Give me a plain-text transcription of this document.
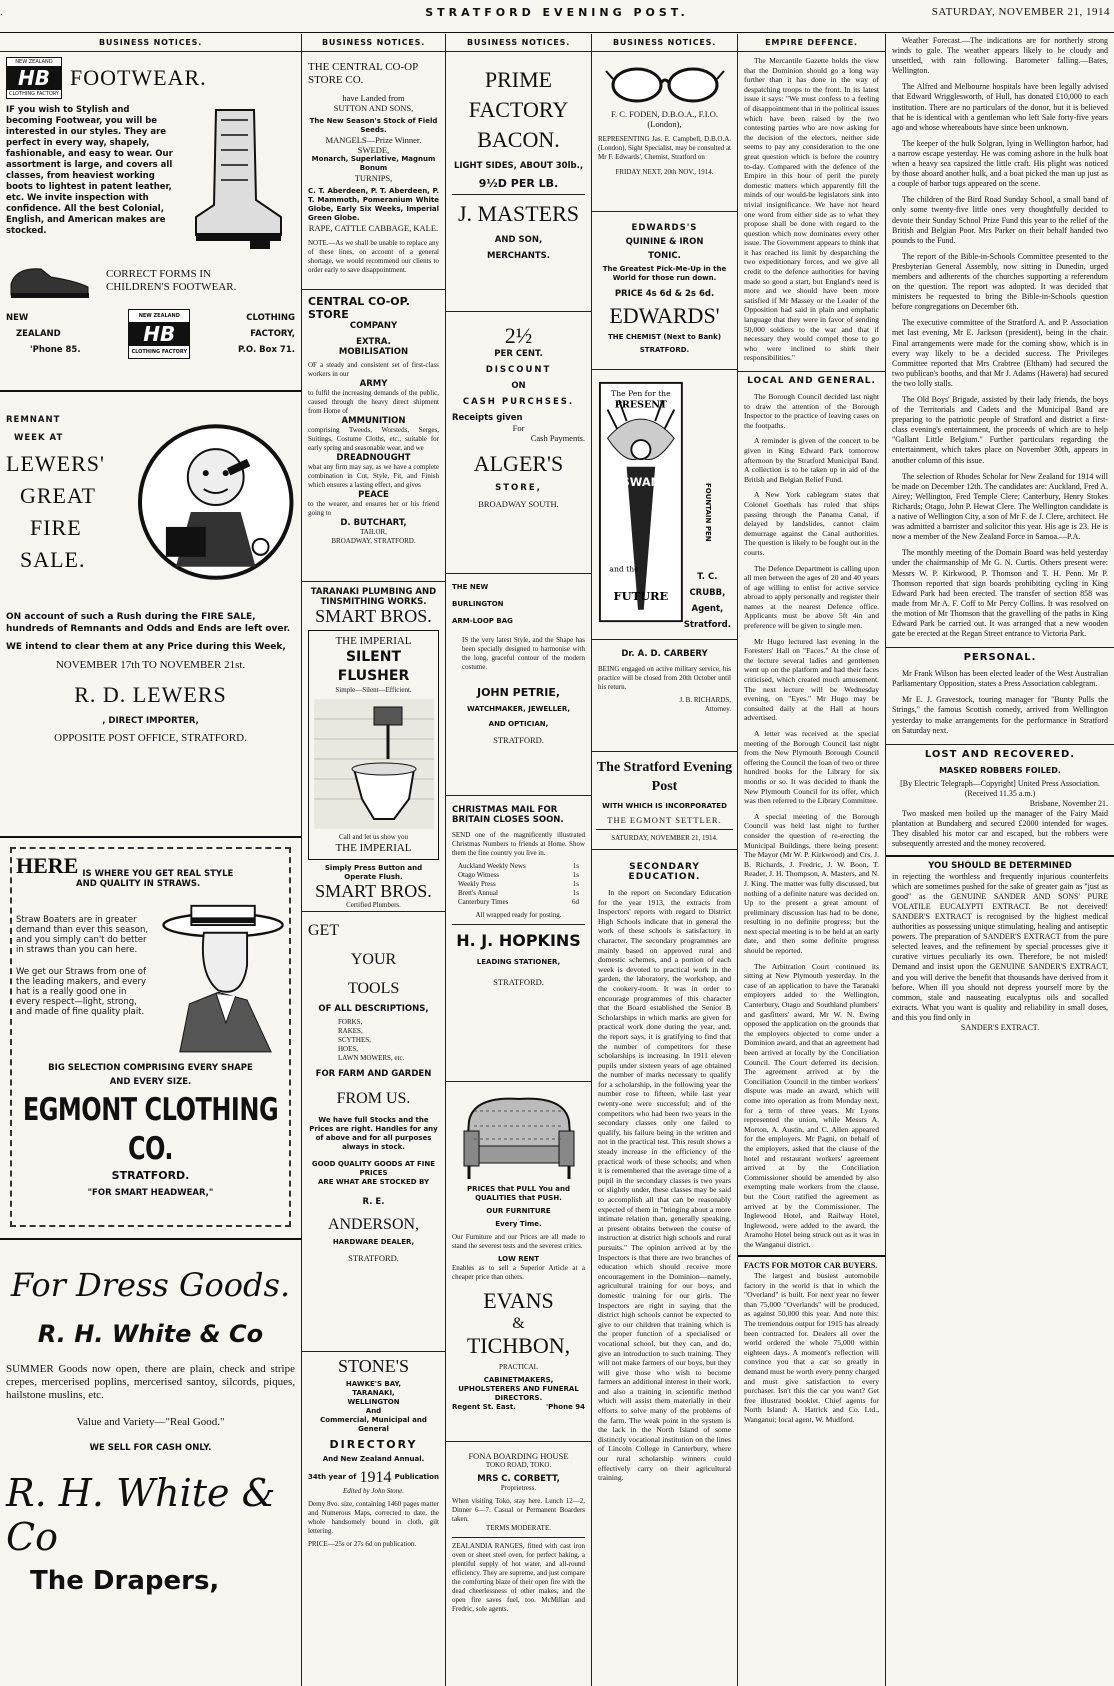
.	STRATFORD EVENING POST.	SATURDAY, NOVEMBER 21, 1914
BUSINESS NOTICES.
NEW ZEALAND
HB
CLOTHING FACTORY
FOOTWEAR.
IF you wish to Stylish and becoming Footwear, you will be interested in our styles. They are perfect in every way, shapely, fashionable, and easy to wear. Our assortment is large, and covers all classes, from heaviest working boots to lightest in patent leather, etc. We invite inspection with confidence. All the best Colonial, English, and American makes are stocked.
CORRECT FORMS IN
CHILDREN'S FOOTWEAR.
NEW
ZEALAND
'Phone 85.
NEW ZEALAND
HB
CLOTHING FACTORY
CLOTHING
FACTORY,
P.O. Box 71.
REMNANT
WEEK AT
LEWERS'
GREAT
FIRE
SALE.
ON account of such a Rush during the FIRE SALE, hundreds of Remnants and Odds and Ends are left over.
WE intend to clear them at any Price during this Week,
NOVEMBER 17th TO NOVEMBER 21st.
R. D. LEWERS
, DIRECT IMPORTER,
OPPOSITE POST OFFICE, STRATFORD.
HERE IS WHERE YOU GET REAL STYLE
AND QUALITY IN STRAWS.
Straw Boaters are in greater demand than ever this season, and you simply can't do better in straws than you can here.
We get our Straws from one of the leading makers, and every hat is a really good one in every respect—light, strong, and made of fine quality plait.
BIG SELECTION COMPRISING EVERY SHAPE
AND EVERY SIZE.
EGMONT CLOTHING CO.
STRATFORD.
"FOR SMART HEADWEAR,"
For Dress Goods.
R. H. White & Co
SUMMER Goods now open, there are plain, check and stripe crepes, mercerised poplins, mercerised santoy, silcords, piques, hailstone muslins, etc.
Value and Variety—"Real Good."
WE SELL FOR CASH ONLY.
R. H. White & Co
The Drapers,
BUSINESS NOTICES.
THE CENTRAL CO-OP STORE CO.
have Landed from
SUTTON AND SONS,
The New Season's Stock of Field Seeds.
MANGELS—Prize Winner.
SWEDE,
Monarch, Superlative, Magnum Bonum
TURNIPS,
C. T. Aberdeen, P. T. Aberdeen, P. T. Mammoth, Pomeranium White Globe, Early Six Weeks, Imperial Green Globe.
RAPE, CATTLE CABBAGE, KALE.
NOTE.—As we shall be unable to replace any of these lines, on account of a general shortage, we would recommend our clients to order early to save disappointment.
CENTRAL CO-OP. STORE
COMPANY
EXTRA.
MOBILISATION
OF a steady and consistent set of first-class workers in our
ARMY
to fulfil the increasing demands of the public, caused through the heavy direct shipment from Home of
AMMUNITION
comprising Tweeds, Worsteds, Serges, Suitings, Costume Cloths, etc., suitable for early spring and seasonable wear, and we
DREADNOUGHT
what any firm may say, as we have a complete combination in Cut, Style, Fit, and Finish which ensures a lasting effect, and gives
PEACE
to the wearer, and ensures her or his friend going to
D. BUTCHART,
TAILOR,
BROADWAY, STRATFORD.
TARANAKI PLUMBING AND TINSMITHING WORKS.
SMART BROS.
THE IMPERIAL
SILENT FLUSHER
Simple—Silent—Efficient.
Call and let us show you
THE IMPERIAL
Simply Press Button and Operate Flush.
SMART BROS.
Certified Plumbers.
GET
YOUR
TOOLS
OF ALL DESCRIPTIONS,
FORKS,
RAKES,
SCYTHES,
HOES,
LAWN MOWERS, etc.
FOR FARM AND GARDEN
FROM US.
We have full Stocks and the Prices are right. Handles for any of above and for all purposes always in stock.
GOOD QUALITY GOODS AT FINE PRICES
ARE WHAT ARE STOCKED BY
R. E.
ANDERSON,
HARDWARE DEALER,
STRATFORD.
STONE'S
HAWKE'S BAY,
TARANAKI,
WELLINGTON
And
Commercial, Municipal and General
DIRECTORY
And New Zealand Annual.
34th year of 1914 Publication
Edited by John Stone.
Demy 8vo. size, containing 1460 pages matter and Numerous Maps, corrected to date, the whole handsomely bound in cloth, gilt lettering.
PRICE—25s or 27s 6d on publication.
BUSINESS NOTICES.
PRIME
FACTORY
BACON.
LIGHT SIDES, ABOUT 30lb.,
9½D PER LB.
J. MASTERS
AND SON,
MERCHANTS.
2½
PER CENT.
DISCOUNT
ON
CASH PURCHSES.
Receipts given
For
Cash Payments.
ALGER'S
STORE,
BROADWAY SOUTH.
THE NEW
BURLINGTON
ARM-LOOP BAG
IS the very latest Style, and the Shape has been specially designed to harmonise with the long, graceful contour of the modern costume.
JOHN PETRIE,
WATCHMAKER, JEWELLER,
AND OPTICIAN,
STRATFORD.
CHRISTMAS MAIL FOR BRITAIN CLOSES SOON.
SEND one of the magnificently illustrated Christmas Numbers to friends at Home. Show them the fine country you live in.
Auckland Weekly News	1s
Otago Witness	1s
Weekly Press	1s
Brett's Annual	1s
Canterbury Times	6d
All wrapped ready for posting.
H. J. HOPKINS
LEADING STATIONER,
STRATFORD.
PRICES that PULL You and QUALITIES that PUSH.
OUR FURNITURE
Every Time.
Our Furniture and our Prices are all made to stand the severest tests and the severest critics.
LOW RENT
Enables as to sell a Superior Article at a cheaper price than others.
EVANS
&
TICHBON,
PRACTICAL
CABINETMAKERS, UPHOLSTERERS AND FUNERAL DIRECTORS.
Regent St. East.	'Phone 94
FONA BOARDING HOUSE
TOKO ROAD, TOKO.
MRS C. CORBETT,
Proprietress.
When visiting Toko, stay here. Lunch 12—2, Dinner 6—7. Casual or Permanent Boarders taken.
TERMS MODERATE.
ZEALANDIA RANGES, fitted with cast iron oven or sheet steel oven, for perfect baking, a plentiful supply of hot water, and all-round efficiency. They are supreme, and just compare the comforting blaze of their open fire with the dead cheerlessness of other makes, and the open fire saves fuel, too. McMillan and Fredric, sole agents.
BUSINESS NOTICES.
F. C. FODEN, D.B.O.A., F.I.O.
(London),
REPRESENTING Jas. E. Campbell, D.B.O.A. (London), Sight Specialist, may be consulted at Mr F. Edwards', Chemist, Stratford on
FRIDAY NEXT, 20th NOV., 1914.
EDWARDS'S
QUININE & IRON
TONIC.
The Greatest Pick-Me-Up in the World for those run down.
PRICE 4s 6d & 2s 6d.
EDWARDS'
THE CHEMIST (Next to Bank)
STRATFORD.
The Pen for the
PRESENT
SWAN
and the
FUTURE
FOUNTAIN PEN
T. C.
CRUBB,
Agent,
Stratford.
Dr. A. D. CARBERY
BEING engaged on active military service, his practice will be closed from 20th October until his return.
J. B. RICHARDS,
Attorney.
The Stratford Evening Post
WITH WHICH IS INCORPORATED
THE EGMONT SETTLER.
SATURDAY, NOVEMBER 21, 1914.
SECONDARY EDUCATION.

In the report on Secondary Education for the year 1913, the extracts from Inspectors' reports with regard to District High Schools indicate that in general the work of these schools is satisfactory in character. The secondary programmes are mainly based on approved rural and domestic schemes, and a portion of each week is devoted to practical work in the garden, the laboratory, the workshop, and the cookery-room. It was in order to encourage programmes of this character that the Board established the Senior B Scholarships in which marks are given for practical work done during the year, and, the report says, it is gratifying to find that the number of competitors for these scholarships is increasing. In 1911 eleven pupils under sixteen years of age obtained the number of marks necessary to qualify for a scholarship, in the following year the number rose to fifteen, while last year twenty-one were successful; and of the competitors who had been two years in the secondary classes only one failed to qualify, his failure being in the written and not in the practical test. This result shows a steady increase in the efficiency of the practical work of these schools; and when it is remembered that the average time of a pupil in the secondary classes is two years or slightly under, these classes may be said to accomplish all that can be reasonably expected of them in "bringing about a more intimate relation than, generally speaking, at present obtains between the course of instruction at district high schools and rural pursuits." The opinion arrived at by the Inspectors is that there are two branches of education which should receive more encouragement in the Dominion—namely, agricultural training for our boys, and domestic training for our girls. The Inspectors are right in saying that the district high schools cannot be expected to give to our children that training which is the proper function of a specialised or vocational school, but they can, and do, give an introduction to such training. They will not make farmers of our boys, but they will give those who wish to become farmers an additional interest in their work, and also a training in scientific method which will assist them materially in their efforts to solve many of the problems of the farm. The weak point in the system is the lack in the North Island of some distinctly vocational institution on the lines of Lincoln College in Canterbury, where our rural scholarship winners could effectively carry on their agricultural training.

EMPIRE DEFENCE.

The Mercantile Gazette holds the view that the Dominion should go a long way further than it has done in the way of despatching troops to the front. In its latest issue it says: "We must confess to a feeling of disappointment that in the political issues which have been raised by the two contesting parties who are now asking for the decision of the electors, neither side seems to pay any consideration to the one great question which is before the country to-day. Compared with the defence of the Empire in this hour of peril the purely domestic matters which apparently fill the minds of our would-be legislators sink into trivial insignificance. We have not heard one word from either side as to what they propose shall be done with regard to the question which now dominates every other issue. The Government appears to think that it has reached its limit by despatching the two expeditionary forces, and we give all credit to the defence authorities for having made so good a start, but England's need is more and we should have been more satisfied if Mr Massey or the Leader of the Opposition had said in plain and emphatic language that they were in favor of sending 50,000 soldiers to the war and that if necessary they would compel those to go who were inclined to shirk their responsibilities."

LOCAL AND GENERAL.

The Borough Council decided last night to draw the attention of the Borough Inspector to the practice of leaving cases on the footpaths.

A reminder is given of the concert to be given in King Edward Park tomorrow afternoon by the Stratford Municipal Band. A collection is to be taken up in aid of the British and Belgian Relief Fund.

A New York cablegram states that Colonel Goethals has ruled that ships passing through the Panama Canal, if delayed by landslides, cannot claim demurrage against the Canal authorities. The question is likely to be fought out in the courts.

The Defence Department is calling upon all men between the ages of 20 and 40 years of age willing to enlist for active service abroad to apply personally and register their names at the nearest Defence office. Applicants must be above 5ft 4in and preference will be given to single men.

Mr Hugo lectured last evening in the Foresters' Hall on "Faces." At the close of the lecture several ladies and gentlemen went up on the platform and had their faces criticised, which created much amusement. The next lecture will be Wednesday evening, on "Eyes." Mr Hugo may be consulted daily at the Hall at hours advertised.

A letter was received at the special meeting of the Borough Council last night from the New Plymouth Borough Council offering the Council the loan of two or three hundred books for the Library for six months or so. It was decided to thank the New Plymouth Council for its offer, which was then referred to the Library Committee.

A special meeting of the Borough Council was held last night to further consider the question of re-erecting the Municipal Buildings, there being present: The Mayor (Mr W. P. Kirkwood) and Crs. J. B. Richards, J. Fredric, J. W. Boon, T. Reader, J. H. Thompson, A. Masters, and N. J. King. The matter was fully discussed, but nothing of a definite nature was decided on. Up to the present a great amount of preliminary discussion has had to be done, resulting in no definite progress; but the next special meeting is to be held at an early date, and then some definite progress should be reported.

The Arbitration Court continued its sitting at New Plymouth yesterday. In the case of an application to have the Taranaki employers added to the Wellington, Canterbury, Otago and Southland plumbers' and gasfitters' award, Mr W. N. Ewing opposed the application on the grounds that the employers objected to come under a Dominion award, and that an agreement had been arrived at locally by the Conciliation Council. The Court deferred its decision. The agreement arrived at by the Conciliation Council in the timber workers' dispute was made an award, which will come into operation as from Monday next, for a term of three years. Mr Lyons represented the union, while Messrs A. Morton, A. Austin, and C. Allen appeared for the employers. Mr Pagni, on behalf of the employers, asked that the clause of the hotel and restaurant workers' agreement arrived at by the Conciliation Commissioner should be amended by also exempting male workers from the clause, but the Court ratified the agreement as arrived at by the Commissioner. The Inglewood Hotel, and Railway Hotel, Inglewood, were added to the award, the Aramoho Hotel being struck out as it was in the Wanganui district.

FACTS FOR MOTOR CAR BUYERS.

The largest and busiest automobile factory in the world is that in which the "Overland" is built. For next year no fewer than 75,000 "Overlands" will be produced, as against 50,000 this year. And note this: The tremendous output for 1915 has already been contracted for. Dealers all over the world ordered the whole 75,000 within eighteen days. A moment's reflection will convince you that a car so greatly in demand must be worth every penny charged and must give satisfaction to every purchaser. Isn't this the car you want? Get free illustrated booklet. Chief agents for North Island: A. Hatrick and Co. Ltd., Wanganui; local agent, W. Mudford.

Weather Forecast.—The indications are for northerly strong winds to gale. The weather appears likely to be cloudy and unsettled, with rain following. Barometer falling.—Bates, Wellington.

The Alfred and Melbourne hospitals have been legally advised that Edward Wrigglesworth, of Hull, has donated £10,000 to each institution. There are no particulars of the donor, but it is believed that he is identical with a gentleman who left Sale forty-five years ago and whose whereabouts have since been unknown.

The keeper of the hulk Solgran, lying in Wellington harbor, had a narrow escape yesterday. He was coming ashore in the hulk boat when a heavy sea capsized the little craft. His plight was noticed by those aboard another hulk, and a boat picked the man up just as a couple of harbor tugs appeared on the scene.

The children of the Bird Road Sunday School, a small band of only some twenty-five little ones very thoughtfully decided to devote their Sunday School Prize Fund this year to the relief of the British and Belgian Poor. Mrs Parker on their behalf handed two pounds to the Fund.

The report of the Bible-in-Schools Committee presented to the Presbyterian General Assembly, now sitting in Dunedin, urged members and adherents of the churches supporting a referendum on the question. The report was adopted. It was decided that ministers be requested to bring the Bible-in-Schools question before congregations on December 6th.

The executive committee of the Stratford A. and P. Association met last evening, Mr E. Jackson (president), being in the chair. Final arrangements were made for the coming show, which is in every way likely to be a decided success. The Privileges Committee reported that Mrs Crabtree (Eltham) had secured the two publican's booths, and that Mr J. Adams (Hawera) had secured the two lolly stalls.

The Old Boys' Brigade, assisted by their lady friends, the boys of the Territorials and Cadets and the Municipal Band are preparing to the patriotic people of Stratford and district a first-class evening's entertainment, the proceeds of which are to help "Gallant Little Belgium." Further particulars regarding the entertainment, which takes place on November 30th, appears in another column of this issue.

The selection of Rhodes Scholar for New Zealand for 1914 will be made on December 12th. The candidates are: Auckland, Fred A. Airey; Wellington, Fred Temple Clere; Canterbury, Henry Stokes Richards; Otago, John P. Hewat Clere. The Wellington candidate is a native of Wellington City, a son of Mr F. de J. Clere, architect. He was admitted a barrister and solicitor this year. His age is 23. He is now a member of the New Zealand Force in Samoa.—P.A.

The monthly meeting of the Domain Board was held yesterday under the chairmanship of Mr G. N. Curtis. Others present were: Messrs W. P. Kirkwood, P. Thomson and T. H. Penn. Mr P. Thomson reported that sign boards prohibiting cycling in King Edward Park had been erected. The transfer of section 858 was made from Mr A. F. Coff to Mr Percy Collins. It was resolved on the motion of Mr Thomson that the gravelling of the paths in King Edward Park be carried out. It was arranged that a new wooden gate be erected at the Regan Street entrance to Victoria Park.

PERSONAL.

Mr Frank Wilson has been elected leader of the West Australian Parliamentary Opposition, states a Press Association cablegram.

Mr E. J. Gravestock, touring manager for "Bunty Pulls the Strings," the famous Scottish comedy, arrived from Wellington yesterday to make arrangements for the performance in Stratford on Saturday next.

LOST AND RECOVERED.
MASKED ROBBERS FOILED.
[By Electric Telegraph—Copyright] United Press Association.
(Received 11.35 a.m.)
Brisbane, November 21.

Two masked men boiled up the manager of the Fairy Maid plantation at Bundaberg and secured £2000 intended for wages. They disabled his motor car and escaped, but the robbers were subsequently arrested and the money recovered.

YOU SHOULD BE DETERMINED
in rejecting the worthless and frequently injurious counterfeits which are sometimes pushed for the sake of greater gain as "just as good" as the GENUINE SANDER AND SONS' PURE VOLATILE EUCALYPTI EXTRACT. Be not deceived! SANDER'S EXTRACT is recognised by the highest medical authorities as possessing unique stimulating, healing and antiseptic powers. The preparation of SANDER'S EXTRACT from the pure selected leaves, and the refinement by special processes give it curative virtues peculiarly its own. Therefore, be not misled! Demand and insist upon the GENUINE SANDER'S EXTRACT, and you will derive the benefit that thousands have derived from it before. When ill you should not depress yourself more by the common, stale and nauseating eucalyptus oils and socalled extracts. What you want is quality and reliability in small doses, and this you find only in
SANDER'S EXTRACT.
